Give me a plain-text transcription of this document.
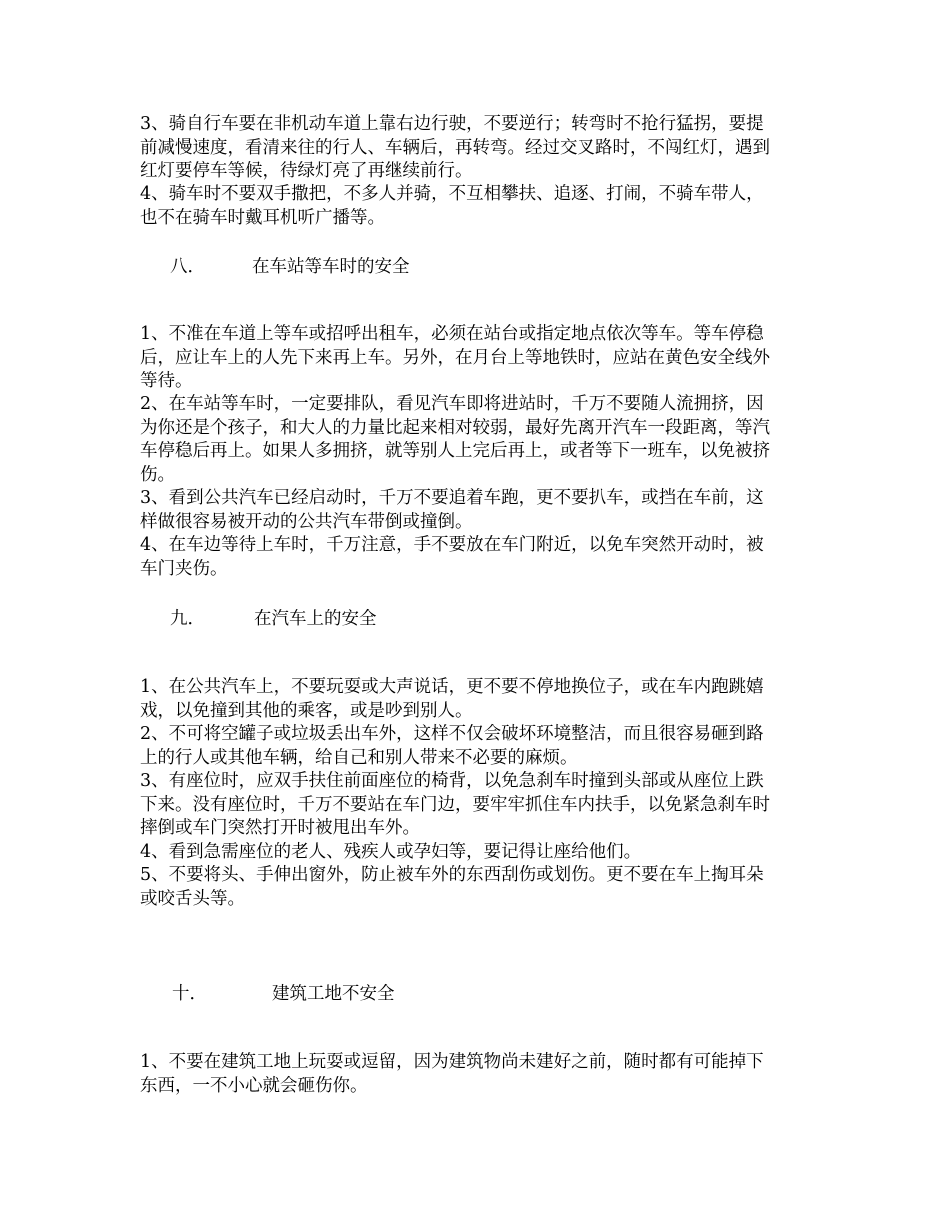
3、骑自行车要在非机动车道上靠右边行驶，不要逆行；转弯时不抢行猛拐，要提
前减慢速度，看清来往的行人、车辆后，再转弯。经过交叉路时，不闯红灯，遇到
红灯要停车等候，待绿灯亮了再继续前行。

4、骑车时不要双手撒把，不多人并骑，不互相攀扶、追逐、打闹，不骑车带人，
也不在骑车时戴耳机听广播等。

八．	在车站等车时的安全

1、不准在车道上等车或招呼出租车，必须在站台或指定地点依次等车。等车停稳
后，应让车上的人先下来再上车。另外，在月台上等地铁时，应站在黄色安全线外
等待。

2、在车站等车时，一定要排队，看见汽车即将进站时，千万不要随人流拥挤，因
为你还是个孩子，和大人的力量比起来相对较弱，最好先离开汽车一段距离，等汽
车停稳后再上。如果人多拥挤，就等别人上完后再上，或者等下一班车，以免被挤
伤。

3、看到公共汽车已经启动时，千万不要追着车跑，更不要扒车，或挡在车前，这
样做很容易被开动的公共汽车带倒或撞倒。

4、在车边等待上车时，千万注意，手不要放在车门附近，以免车突然开动时，被
车门夹伤。

九．	在汽车上的安全

1、在公共汽车上，不要玩耍或大声说话，更不要不停地换位子，或在车内跑跳嬉
戏，以免撞到其他的乘客，或是吵到别人。

2、不可将空罐子或垃圾丢出车外，这样不仅会破坏环境整洁，而且很容易砸到路
上的行人或其他车辆，给自己和别人带来不必要的麻烦。

3、有座位时，应双手扶住前面座位的椅背，以免急刹车时撞到头部或从座位上跌
下来。没有座位时，千万不要站在车门边，要牢牢抓住车内扶手，以免紧急刹车时
摔倒或车门突然打开时被甩出车外。

4、看到急需座位的老人、残疾人或孕妇等，要记得让座给他们。

5、不要将头、手伸出窗外，防止被车外的东西刮伤或划伤。更不要在车上掏耳朵
或咬舌头等。

十．	建筑工地不安全

1、不要在建筑工地上玩耍或逗留，因为建筑物尚未建好之前，随时都有可能掉下
东西，一不小心就会砸伤你。
